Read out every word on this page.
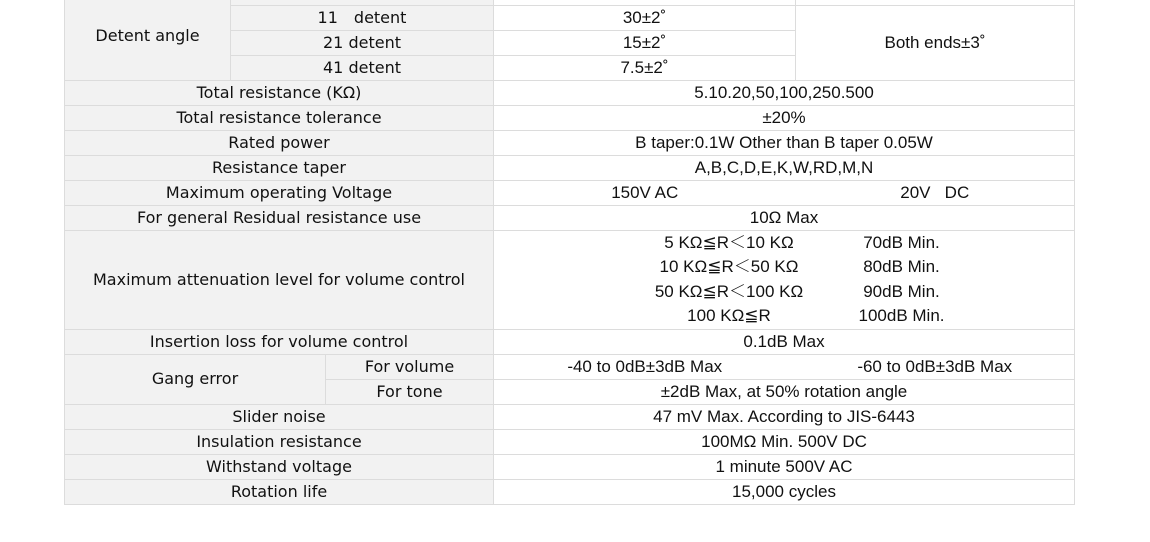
Detent angle				
	11 detent		30±2˚	Both ends±3˚
	21 detent		15±2˚	
	41 detent		7.5±2˚	
Total resistance (KΩ)			5.10.20,50,100,250.500	
Total resistance tolerance			±20%	
Rated power			B taper:0.1W Other than B taper 0.05W	
Resistance taper			A,B,C,D,E,K,W,RD,M,N	
Maximum operating Voltage			150V AC	20V   DC
For general Residual resistance use			10Ω Max	
Maximum attenuation level for volume control			5 KΩ≦R＜10 KΩ 70dB Min.
10 KΩ≦R＜50 KΩ 80dB Min.
50 KΩ≦R＜100 KΩ 90dB Min.
100 KΩ≦R 100dB Min.	

Insertion loss for volume control			0.1dB Max	
Gang error		For volume	-40 to 0dB±3dB Max	-60 to 0dB±3dB Max
		For tone	±2dB Max, at 50% rotation angle	
Slider noise			47 mV Max. According to JIS-6443	
Insulation resistance			100MΩ Min. 500V DC	
Withstand voltage			1 minute 500V AC	
Rotation life			15,000 cycles	
